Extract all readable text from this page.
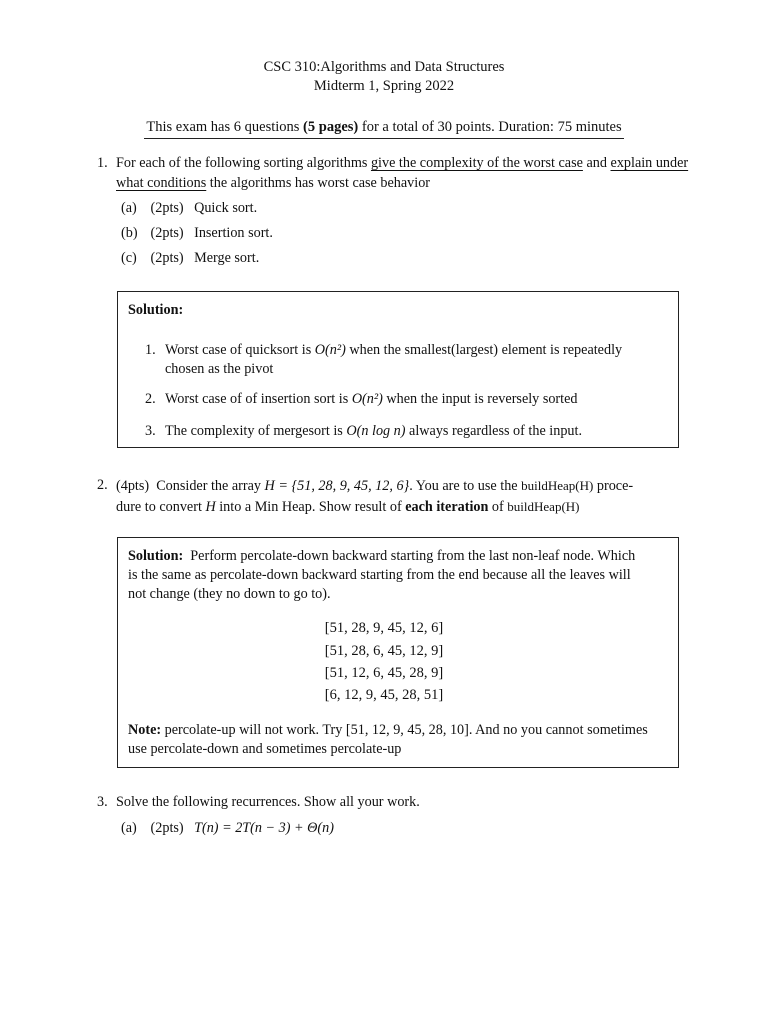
CSC 310:Algorithms and Data Structures
Midterm 1, Spring 2022
This exam has 6 questions (5 pages) for a total of 30 points. Duration: 75 minutes
1. For each of the following sorting algorithms give the complexity of the worst case and explain under
what conditions the algorithms has worst case behavior
(a) (2pts) Quick sort.
(b) (2pts) Insertion sort.
(c) (2pts) Merge sort.
Solution:
1. Worst case of quicksort is O(n²) when the smallest(largest) element is repeatedly
chosen as the pivot
2. Worst case of of insertion sort is O(n²) when the input is reversely sorted
3. The complexity of mergesort is O(n log n) always regardless of the input.
2. (4pts) Consider the array H = {51, 28, 9, 45, 12, 6}. You are to use the buildHeap(H) proce-
dure to convert H into a Min Heap. Show result of each iteration of buildHeap(H)
Solution: Perform percolate-down backward starting from the last non-leaf node. Which
is the same as percolate-down backward starting from the end because all the leaves will
not change (they no down to go to).
[51, 28, 9, 45, 12, 6]
[51, 28, 6, 45, 12, 9]
[51, 12, 6, 45, 28, 9]
[6, 12, 9, 45, 28, 51]
Note: percolate-up will not work. Try [51, 12, 9, 45, 28, 10]. And no you cannot sometimes
use percolate-down and sometimes percolate-up
3. Solve the following recurrences. Show all your work.
(a) (2pts) T(n) = 2T(n − 3) + Θ(n)
